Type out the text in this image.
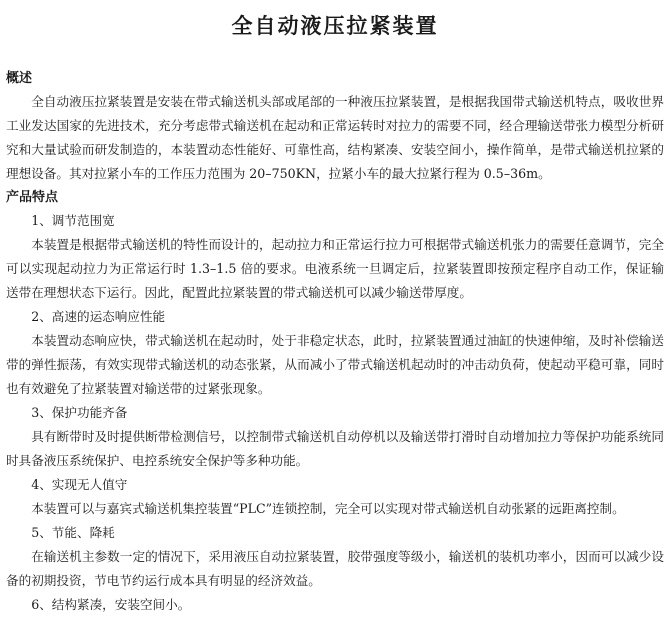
全自动液压拉紧装置
概述

全自动液压拉紧装置是安装在带式输送机头部或尾部的一种液压拉紧装置，是根据我国带式输送机特点，吸收世界工业发达国家的先进技术，充分考虑带式输送机在起动和正常运转时对拉力的需要不同，经合理输送带张力模型分析研究和大量试验而研发制造的，本装置动态性能好、可靠性高，结构紧凑、安装空间小，操作简单，是带式输送机拉紧的理想设备。其对拉紧小车的工作压力范围为 20–750KN，拉紧小车的最大拉紧行程为 0.5–36m。

产品特点

1、调节范围宽

本装置是根据带式输送机的特性而设计的，起动拉力和正常运行拉力可根据带式输送机张力的需要任意调节，完全可以实现起动拉力为正常运行时 1.3–1.5 倍的要求。电液系统一旦调定后，拉紧装置即按预定程序自动工作，保证输送带在理想状态下运行。因此，配置此拉紧装置的带式输送机可以减少输送带厚度。

2、高速的运态响应性能

本装置动态响应快，带式输送机在起动时，处于非稳定状态，此时，拉紧装置通过油缸的快速伸缩，及时补偿输送带的弹性振荡，有效实现带式输送机的动态张紧，从而减小了带式输送机起动时的冲击动负荷，使起动平稳可靠，同时也有效避免了拉紧装置对输送带的过紧张现象。

3、保护功能齐备

具有断带时及时提供断带检测信号，以控制带式输送机自动停机以及输送带打滑时自动增加拉力等保护功能系统同时具备液压系统保护、电控系统安全保护等多种功能。

4、实现无人值守

本装置可以与嘉宾式输送机集控装置“PLC”连锁控制，完全可以实现对带式输送机自动张紧的远距离控制。

5、节能、降耗

在输送机主参数一定的情况下，采用液压自动拉紧装置，胶带强度等级小，输送机的装机功率小，因而可以减少设备的初期投资，节电节约运行成本具有明显的经济效益。

6、结构紧凑，安装空间小。
